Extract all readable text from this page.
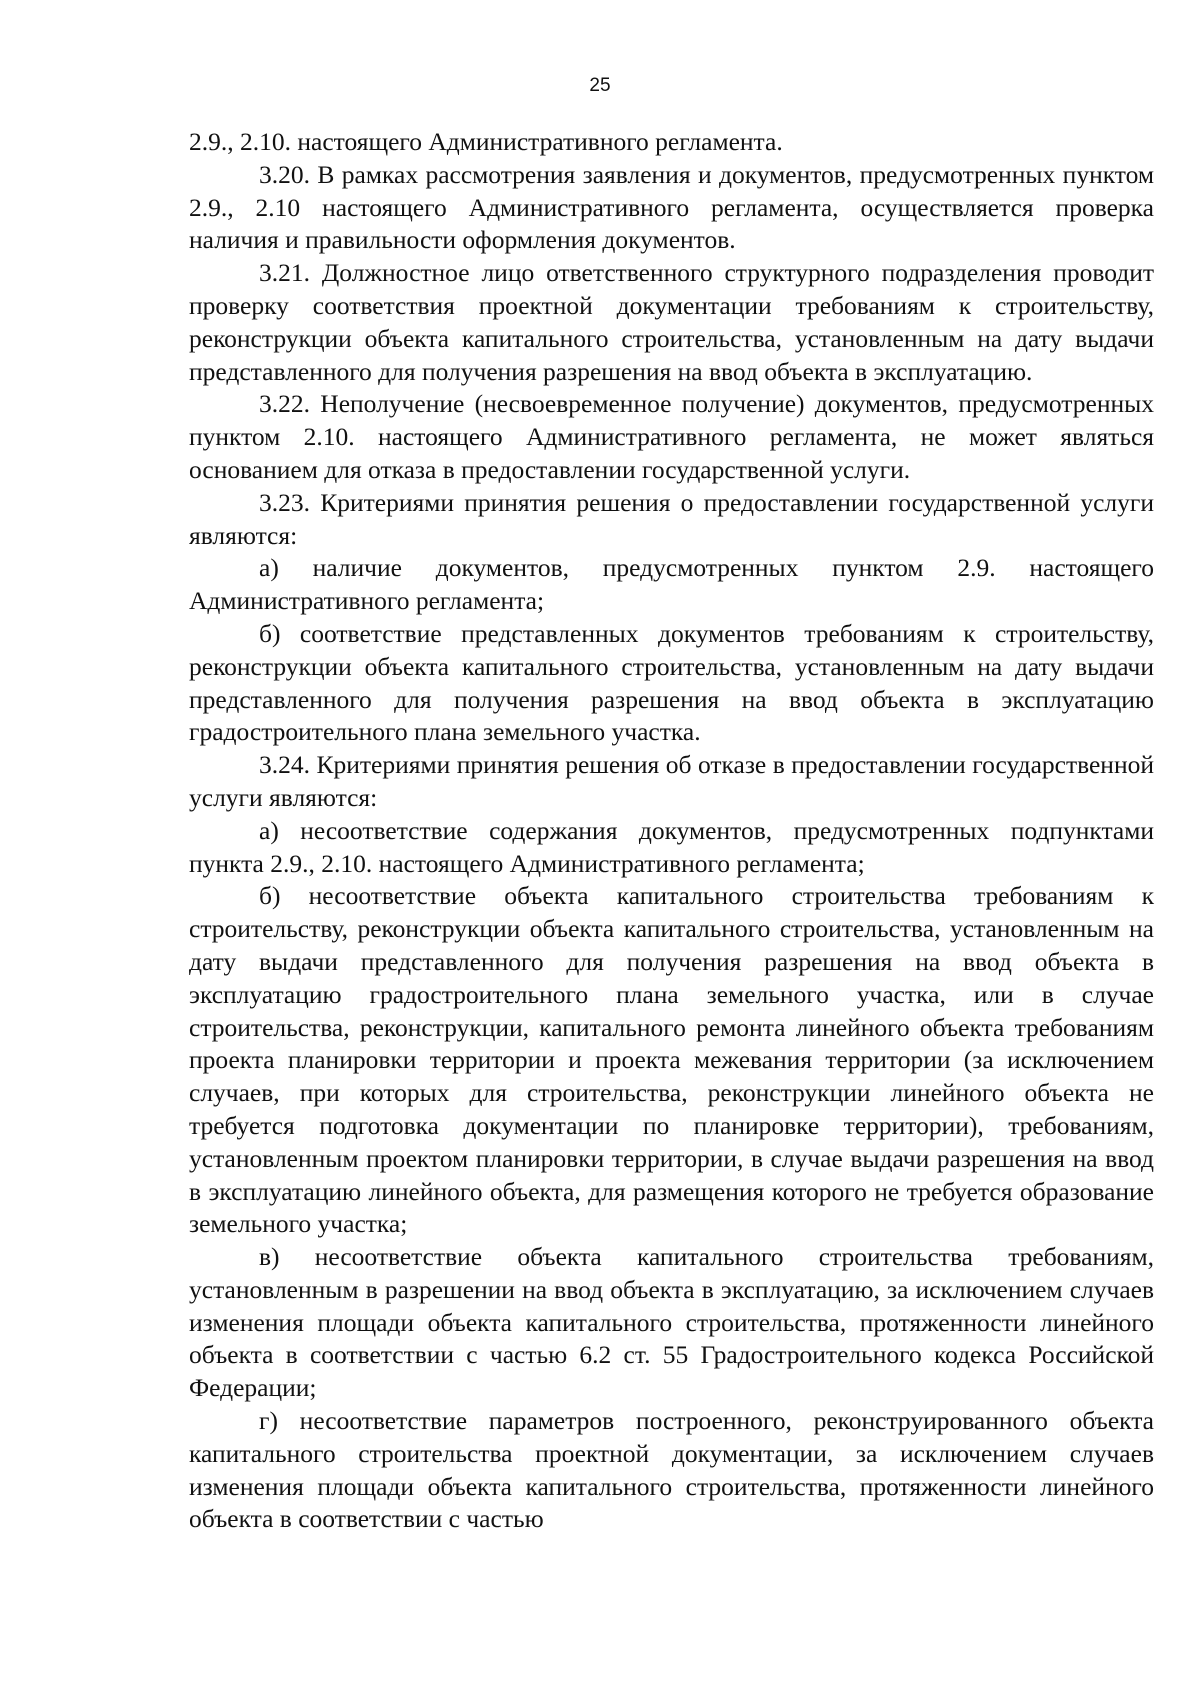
25

2.9., 2.10. настоящего Административного регламента.

3.20. В рамках рассмотрения заявления и документов, предусмотренных пунктом 2.9., 2.10 настоящего Административного регламента, осуществляется проверка наличия и правильности оформления документов.

3.21. Должностное лицо ответственного структурного подразделения проводит проверку соответствия проектной документации требованиям к строительству, реконструкции объекта капитального строительства, установленным на дату выдачи представленного для получения разрешения на ввод объекта в эксплуатацию.

3.22. Неполучение (несвоевременное получение) документов, предусмотренных пунктом 2.10. настоящего Административного регламента, не может являться основанием для отказа в предоставлении государственной услуги.

3.23. Критериями принятия решения о предоставлении государственной услуги являются:

а) наличие документов, предусмотренных пунктом 2.9. настоящего Административного регламента;

б) соответствие представленных документов требованиям к строительству, реконструкции объекта капитального строительства, установленным на дату выдачи представленного для получения разрешения на ввод объекта в эксплуатацию градостроительного плана земельного участка.

3.24. Критериями принятия решения об отказе в предоставлении государственной услуги являются:

а) несоответствие содержания документов, предусмотренных подпунктами пункта 2.9., 2.10. настоящего Административного регламента;

б) несоответствие объекта капитального строительства требованиям к строительству, реконструкции объекта капитального строительства, установленным на дату выдачи представленного для получения разрешения на ввод объекта в эксплуатацию градостроительного плана земельного участка, или в случае строительства, реконструкции, капитального ремонта линейного объекта требованиям проекта планировки территории и проекта межевания территории (за исключением случаев, при которых для строительства, реконструкции линейного объекта не требуется подготовка документации по планировке территории), требованиям, установленным проектом планировки территории, в случае выдачи разрешения на ввод в эксплуатацию линейного объекта, для размещения которого не требуется образование земельного участка;

в) несоответствие объекта капитального строительства требованиям, установленным в разрешении на ввод объекта в эксплуатацию, за исключением случаев изменения площади объекта капитального строительства, протяженности линейного объекта в соответствии с частью 6.2 ст. 55 Градостроительного кодекса Российской Федерации;

г) несоответствие параметров построенного, реконструированного объекта капитального строительства проектной документации, за исключением случаев изменения площади объекта капитального строительства, протяженности линейного объекта в соответствии с частью
